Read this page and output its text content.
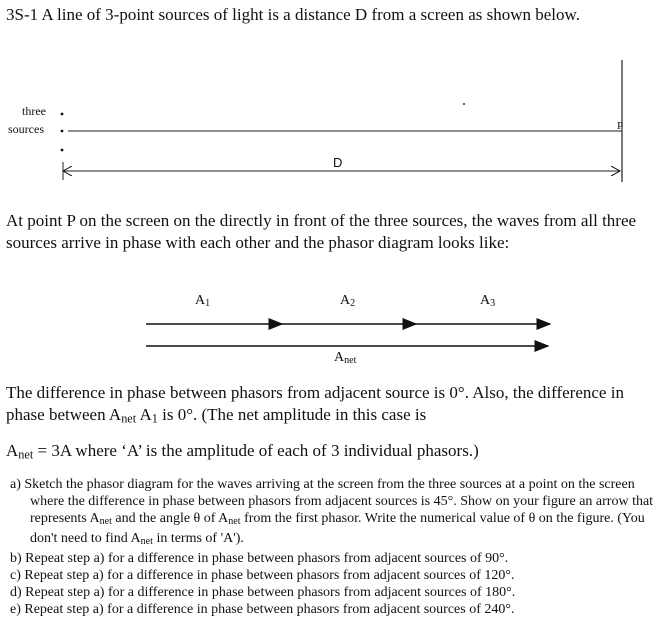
3S-1 A line of 3-point sources of light is a distance D from a screen as shown below.
three
sources
D
P
At point P on the screen on the directly in front of the three sources, the waves from all three sources arrive in phase with each other and the phasor diagram looks like:
$A_1$	$A_2$	$A_3$
$A_{net}$
The difference in phase between phasors from adjacent source is 0°. Also, the difference in phase between $A_{net}$ $A_1$ is 0°. (The net amplitude in this case is
$A_{net} = 3A$ where ‘A’ is the amplitude of each of 3 individual phasors.)
a) Sketch the phasor diagram for the waves arriving at the screen from the three sources at a point on the screen where the difference in phase between phasors from adjacent sources is 45°. Show on your figure an arrow that represents $A_{net}$ and the angle θ of $A_{net}$ from the first phasor. Write the numerical value of θ on the figure. (You don't need to find $A_{net}$ in terms of 'A').
b) Repeat step a) for a difference in phase between phasors from adjacent sources of 90°.
c) Repeat step a) for a difference in phase between phasors from adjacent sources of 120°.
d) Repeat step a) for a difference in phase between phasors from adjacent sources of 180°.
e) Repeat step a) for a difference in phase between phasors from adjacent sources of 240°.
